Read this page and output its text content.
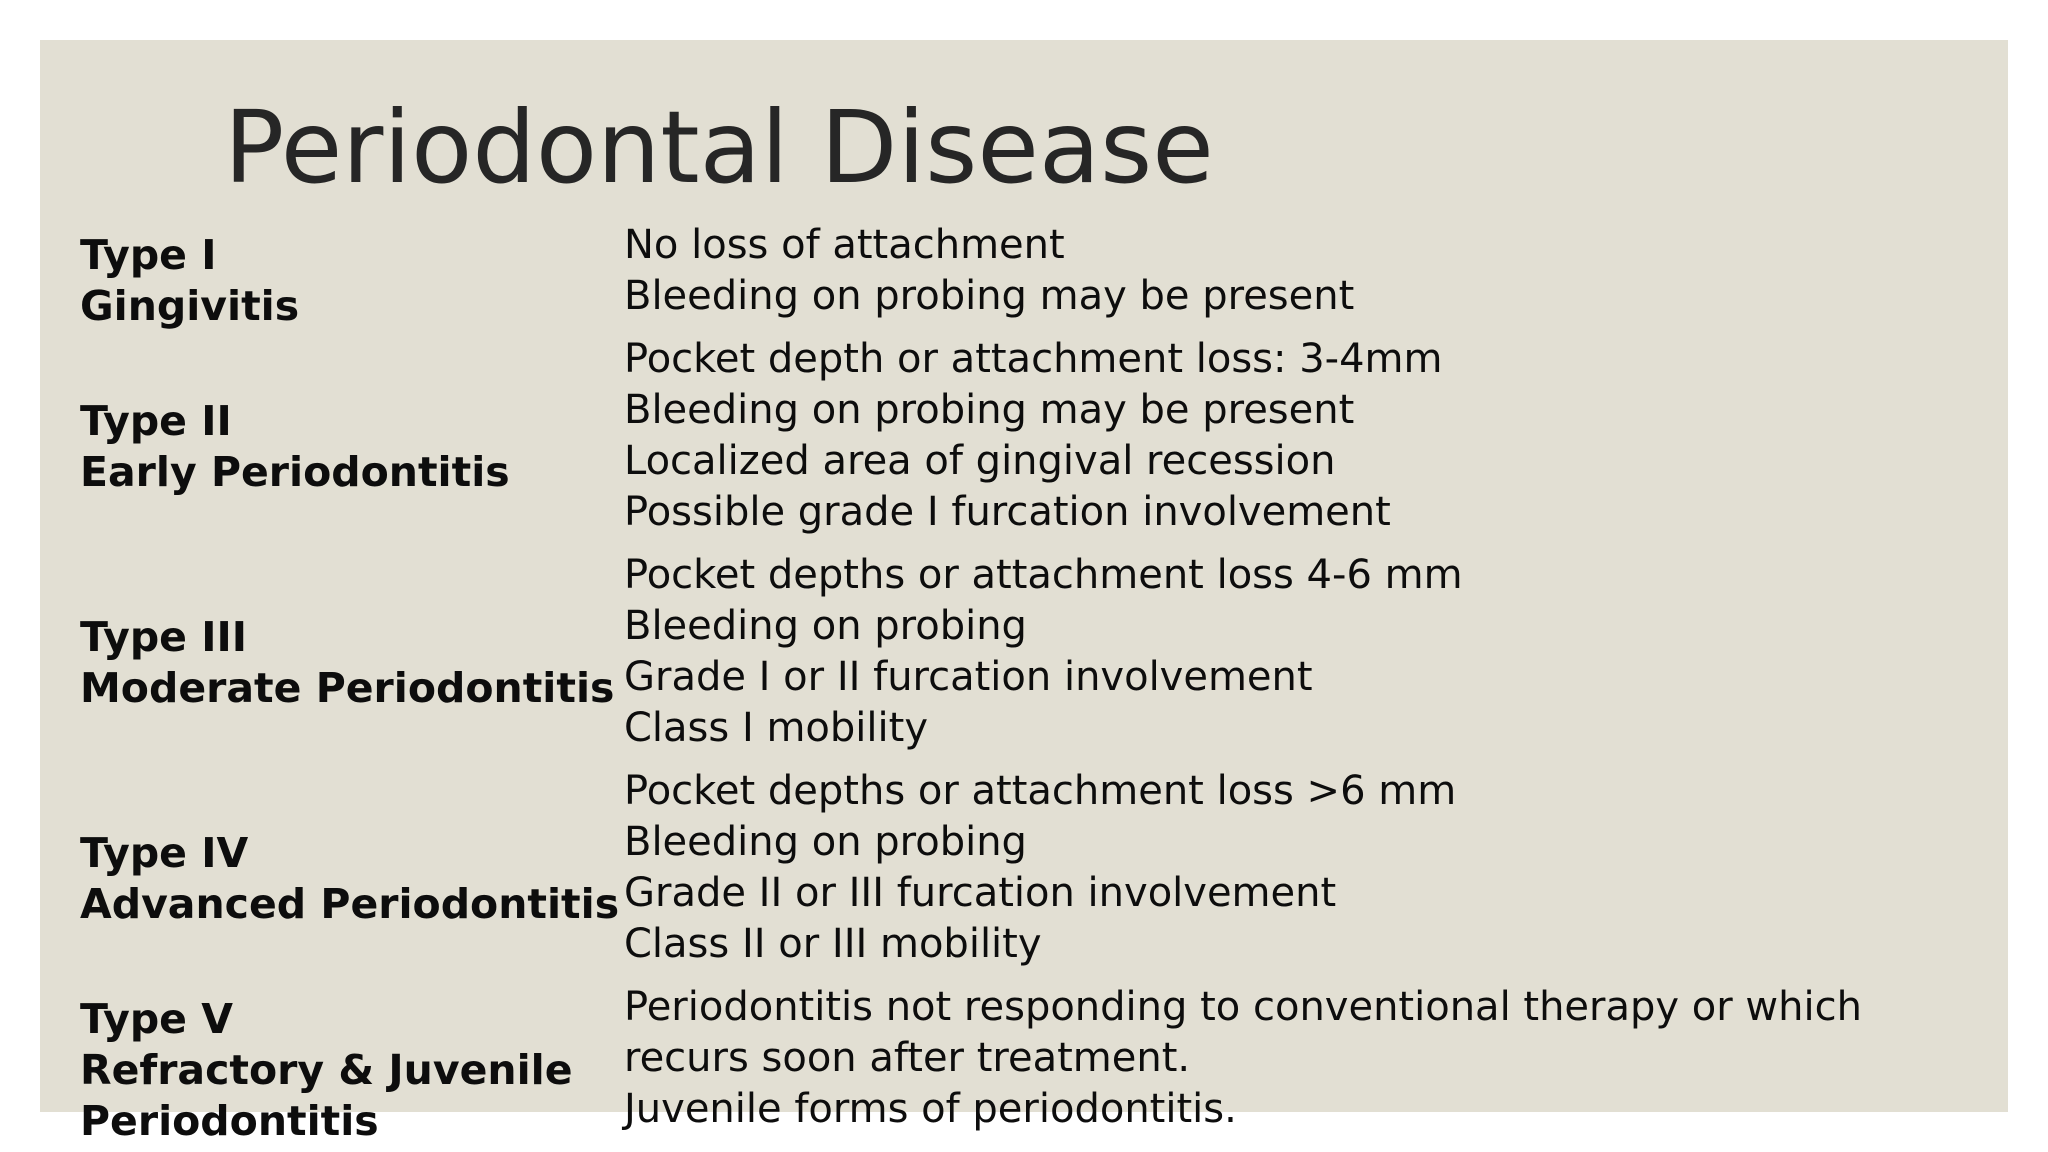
Periodontal Disease
Type I
Gingivitis
No loss of attachment
Bleeding on probing may be present
Type II
Early Periodontitis
Pocket depth or attachment loss: 3-4mm
Bleeding on probing may be present
Localized area of gingival recession
Possible grade I furcation involvement
Type III
Moderate Periodontitis
Pocket depths or attachment loss 4-6 mm
Bleeding on probing
Grade I or II furcation involvement
Class I mobility
Type IV
Advanced Periodontitis
Pocket depths or attachment loss >6 mm
Bleeding on probing
Grade II or III furcation involvement
Class II or III mobility
Type V
Refractory & Juvenile
Periodontitis
Periodontitis not responding to conventional therapy or which recurs soon after treatment.
Juvenile forms of periodontitis.
